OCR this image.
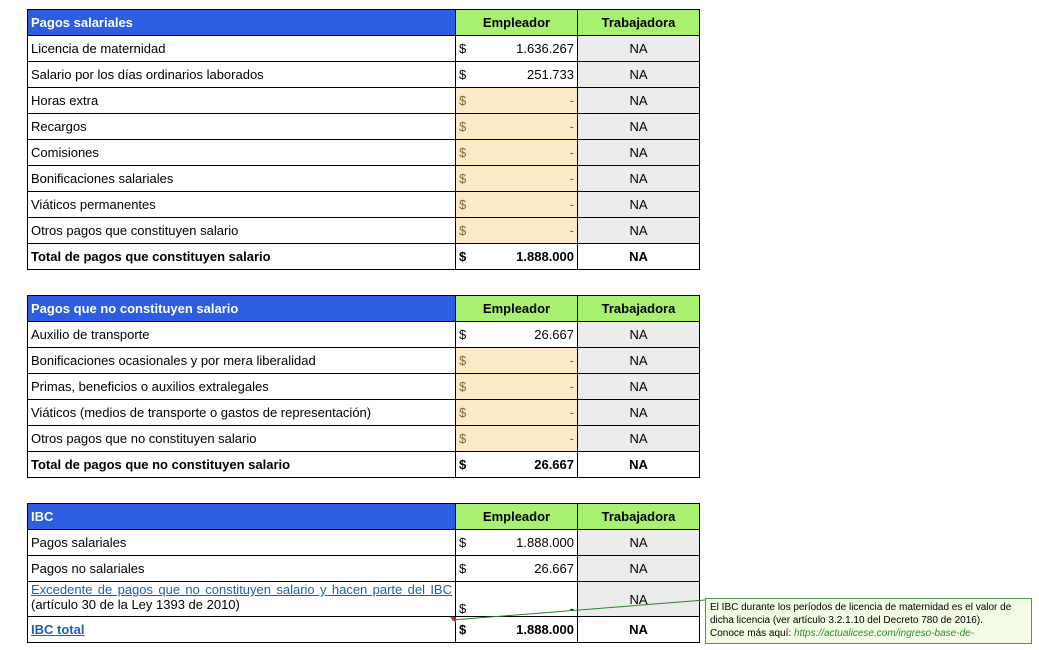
Pagos salariales	Empleador	Trabajadora
Licencia de maternidad	$ 1.636.267	NA
Salario por los días ordinarios laborados	$ 251.733	NA
Horas extra	$ -	NA
Recargos	$ -	NA
Comisiones	$ -	NA
Bonificaciones salariales	$ -	NA
Viáticos permanentes	$ -	NA
Otros pagos que constituyen salario	$ -	NA
Total de pagos que constituyen salario	$ 1.888.000	NA
Pagos que no constituyen salario	Empleador	Trabajadora
Auxilio de transporte	$ 26.667	NA
Bonificaciones ocasionales y por mera liberalidad	$ -	NA
Primas, beneficios o auxilios extralegales	$ -	NA
Viáticos (medios de transporte o gastos de representación)	$ -	NA
Otros pagos que no constituyen salario	$ -	NA
Total de pagos que no constituyen salario	$ 26.667	NA
IBC	Empleador	Trabajadora
Pagos salariales	$ 1.888.000	NA
Pagos no salariales	$ 26.667	NA

Excedente de pagos que no constituyen salario y hacen parte del IBC
(artículo 30 de la Ley 1393 de 2010)	$ -	NA
IBC total	$ 1.888.000	NA
El IBC durante los períodos de licencia de maternidad es el valor de
dicha licencia (ver artículo 3.2.1.10 del Decreto 780 de 2016).
Conoce más aquí: https://actualicese.com/ingreso-base-de-
